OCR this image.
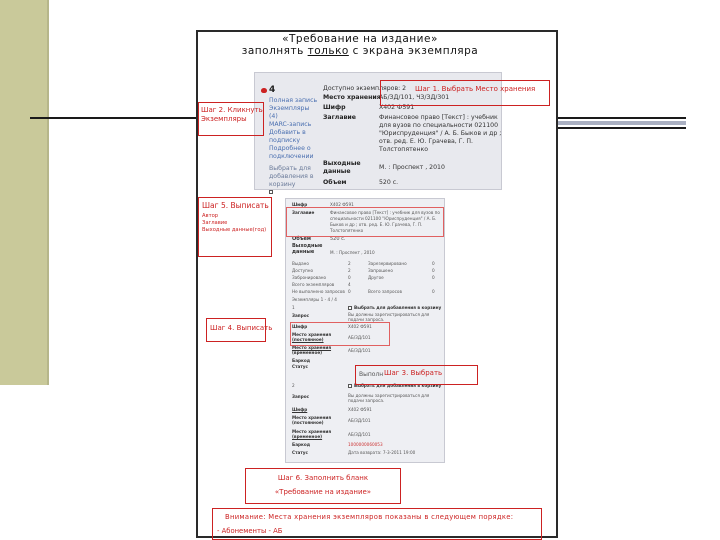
«Требование на издание»
заполнять только с экрана экземпляра
4
Полная запись
Экземпляры
(4)
MARC-запись
Добавить в
подписку
Подробнее о
подключении
Выбрать для
добавления в
корзину
Доступно экземпляров: 2
Место хранения
АБ/ЗД/101, ЧЗ/ЗД/301
Шифр	Х402 Ф591
Заглавие	Финансовое право [Текст] : учебник
для вузов по специальности 021100
"Юриспруденция" / А. Б. Быков и др ;
отв. ред. Е. Ю. Грачева, Г. П.
Толстопятенко
Выходные
данные
М. : Проспект , 2010
Объем	520 с.
Шаг 1. Выбрать Место хранения
Шаг 2. Кликнуть
Экземпляры
Шифр	Х402 Ф591
Заглавие	Финансовое право [Текст] : учебник для вузов по
специальности 021100 "Юриспруденция" / А. Б.
Быков и др ; отв. ред. Е. Ю. Грачева, Г. П.
Толстопятенко
Объем	520 с.
Выходные
данные	М. : Проспект , 2010
Выдано	2	Зарезервировано	0
Доступно	2	Запрошено	0
Забронировано	0	Другое	0
Всего экземпляров	4
Не выполнено запросов 0	Всего запросов	0
Экземпляры 1 - 4 / 4
1	Выбрать для добавления в корзину
Запрос	Вы должны зарегистрироваться для
подачи запроса.
Шифр	Х402 Ф591
Место хранения
(постоянное)	АБ/ЗД/101
Место хранения
(временное)	АБ/ЗД/101
Баркод
Статус
2	Выбрать для добавления в корзину
Запрос	Вы должны зарегистрироваться для
подачи запроса.
Шифр	Х402 Ф591
Место хранения
(постоянное)	АБ/ЗД/101
Место хранения
(временное)	АБ/ЗД/101
Баркод	1000000060053
Статус	Дата возврата: 7-3-2011 19:00
Шаг 5. Выписать
Автор
Заглавие
Выходные данные(год)
Шаг 4. Выписать
Выполн Шаг 3. Выбрать
Шаг 6. Заполнить бланк
«Требование на издание»
Внимание: Места хранения экземпляров показаны в следующем порядке:
- Абонементы - АБ
